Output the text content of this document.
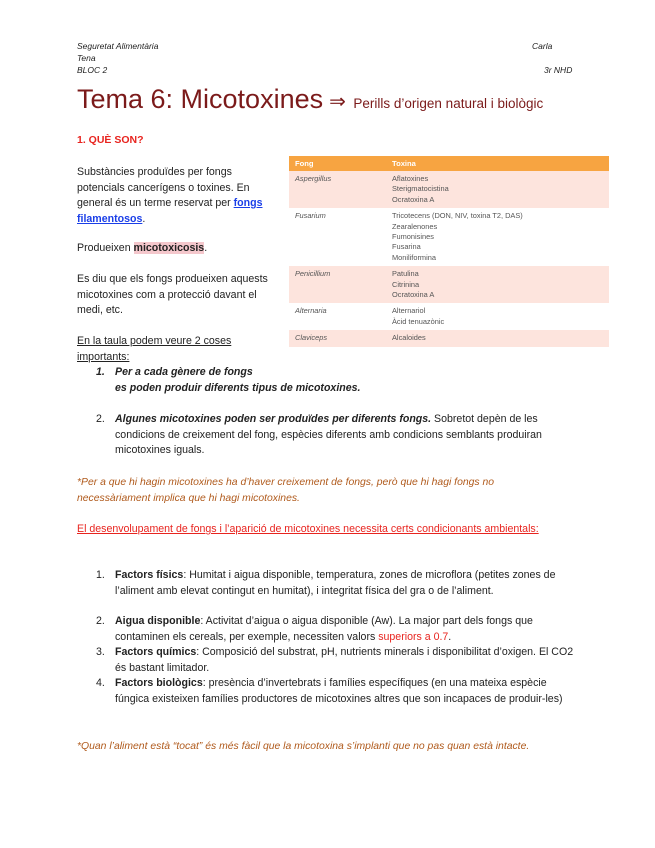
Seguretat Alimentària
Tena
BLOC 2
Carla
3r NHD
Tema 6: Micotoxines ⇒ Perills d’origen natural i biològic
1. QUÈ SON?
Substàncies produïdes per fongs potencials cancerígens o toxines. En general és un terme reservat per fongs filamentosos.
Produeixen micotoxicosis.
Es diu que els fongs produeixen aquests micotoxines com a protecció davant el medi, etc.
En la taula podem veure 2 coses importants:
Fong	Toxina
Aspergillus	Aflatoxines
Sterigmatocistina
Ocratoxina A

Fusarium	Tricotecens (DON, NIV, toxina T2, DAS)
Zearalenones
Fumonisines
Fusarina
Moniliformina

Penicillium	Patulina
Citrinina
Ocratoxina A

Alternaria	Alternariol
Àcid tenuazònic

Claviceps	Alcaloides
1. Per a cada gènere de fongs
es poden produir diferents tipus de micotoxines.
2. Algunes micotoxines poden ser produïdes per diferents fongs. Sobretot depèn de les condicions de creixement del fong, espècies diferents amb condicions semblants produiran micotoxines iguals.
*Per a que hi hagin micotoxines ha d’haver creixement de fongs, però que hi hagi fongs no necessàriament implica que hi hagi micotoxines.
El desenvolupament de fongs i l’aparició de micotoxines necessita certs condicionants ambientals:
1. Factors físics: Humitat i aigua disponible, temperatura, zones de microflora (petites zones de l’aliment amb elevat contingut en humitat), i integritat física del gra o de l’aliment.
2. Aigua disponible: Activitat d’aigua o aigua disponible (Aw). La major part dels fongs que contaminen els cereals, per exemple, necessiten valors superiors a 0.7.
3. Factors químics: Composició del substrat, pH, nutrients minerals i disponibilitat d’oxigen. El CO2 és bastant limitador.
4. Factors biològics: presència d’invertebrats i famílies específiques (en una mateixa espècie fúngica existeixen famílies productores de micotoxines altres que son incapaces de produir-les)
*Quan l’aliment està “tocat” és més fàcil que la micotoxina s’implanti que no pas quan està intacte.
